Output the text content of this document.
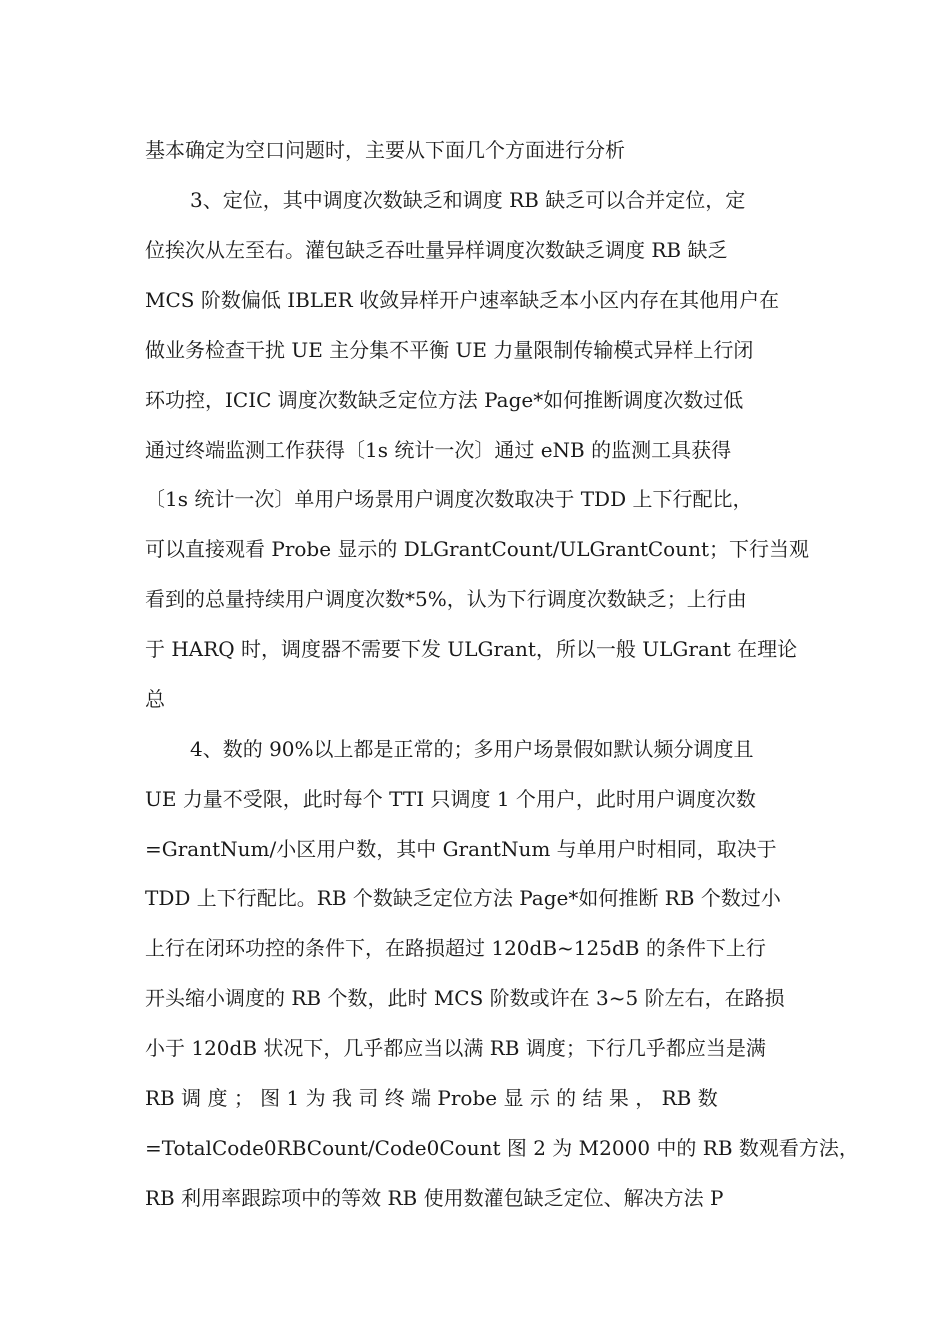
基本确定为空口问题时，主要从下面几个方面进行分析
3、定位，其中调度次数缺乏和调度 RB 缺乏可以合并定位，定
位挨次从左至右。灌包缺乏吞吐量异样调度次数缺乏调度 RB 缺乏
MCS 阶数偏低 IBLER 收敛异样开户速率缺乏本小区内存在其他用户在
做业务检查干扰 UE 主分集不平衡 UE 力量限制传输模式异样上行闭
环功控，ICIC 调度次数缺乏定位方法 Page*如何推断调度次数过低
通过终端监测工作获得〔1s 统计一次〕通过 eNB 的监测工具获得
〔1s 统计一次〕单用户场景用户调度次数取决于 TDD 上下行配比，
可以直接观看 Probe 显示的 DLGrantCount/ULGrantCount；下行当观
看到的总量持续用户调度次数*5%，认为下行调度次数缺乏；上行由
于 HARQ 时，调度器不需要下发 ULGrant，所以一般 ULGrant 在理论
总
4、数的 90%以上都是正常的；多用户场景假如默认频分调度且
UE 力量不受限，此时每个 TTI 只调度 1 个用户，此时用户调度次数
=GrantNum/小区用户数，其中 GrantNum 与单用户时相同，取决于
TDD 上下行配比。RB 个数缺乏定位方法 Page*如何推断 RB 个数过小
上行在闭环功控的条件下，在路损超过 120dB~125dB 的条件下上行
开头缩小调度的 RB 个数，此时 MCS 阶数或许在 3~5 阶左右，在路损
小于 120dB 状况下，几乎都应当以满 RB 调度；下行几乎都应当是满
RB 调 度 ； 图 1 为 我 司 终 端 Probe 显 示 的 结 果 ， RB 数
=TotalCode0RBCount/Code0Count 图 2 为 M2000 中的 RB 数观看方法，
RB 利用率跟踪项中的等效 RB 使用数灌包缺乏定位、解决方法 P
